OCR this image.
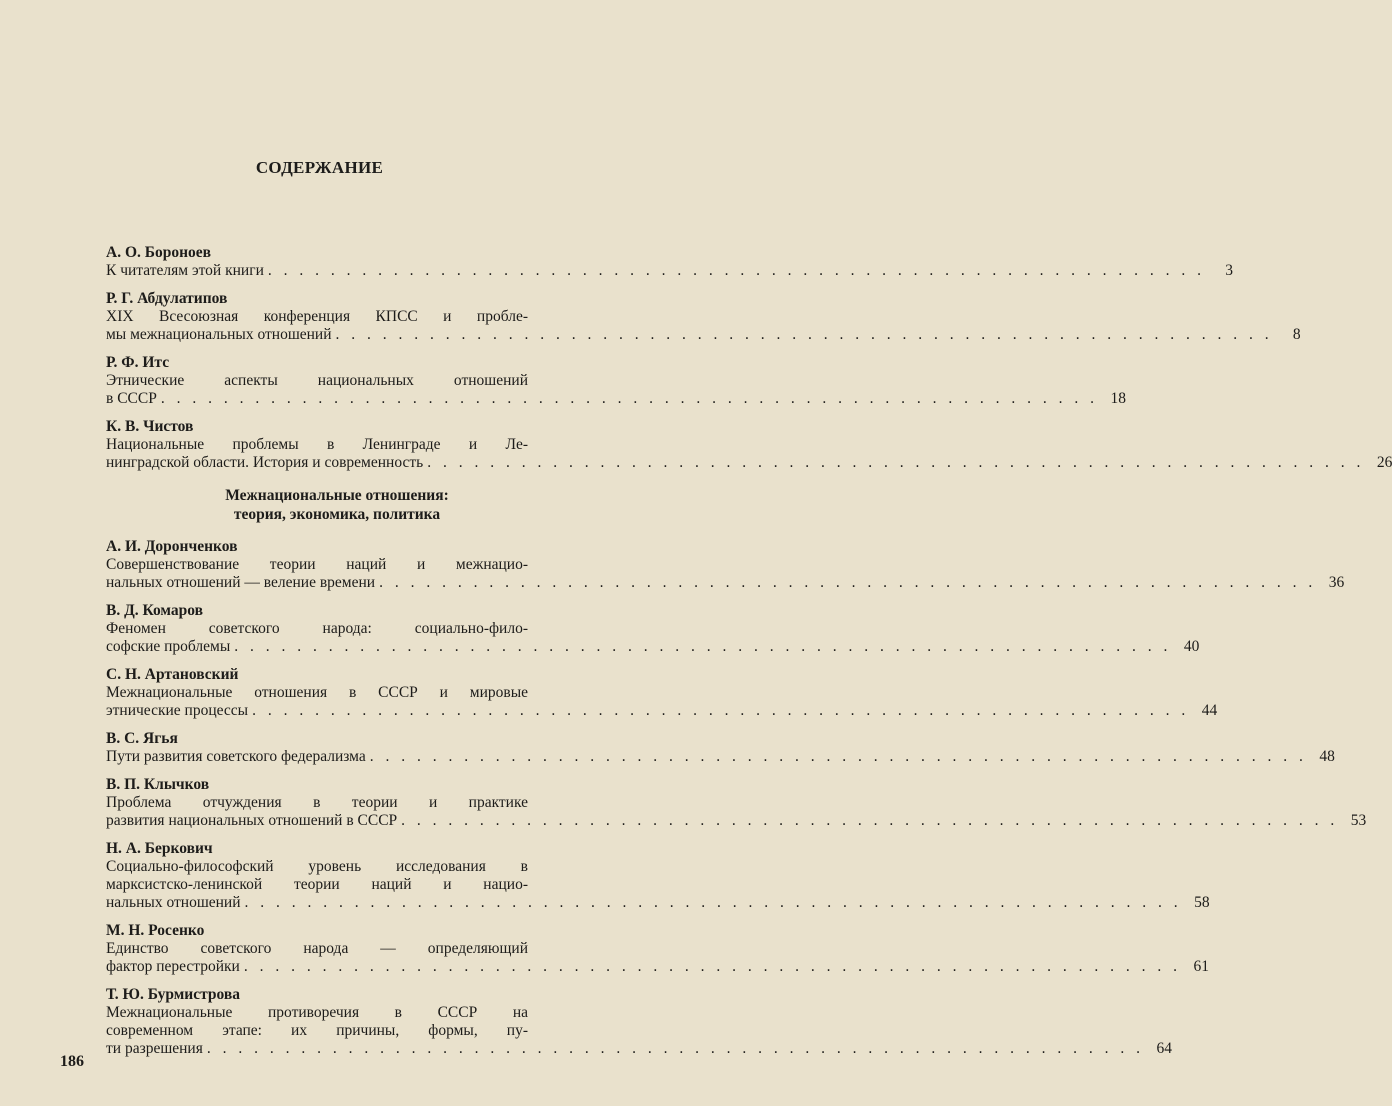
СОДЕРЖАНИЕ
А. О. Бороноев
К читателям этой книги . . . . . . . . . . . . . . . . . . . . . . . . . . . . . . . . . . . . . . . . . . . . . . . . . . . . . . . . . . . .	3
Р. Г. Абдулатипов
XIX Всесоюзная конференция КПСС и пробле-
мы межнациональных отношений . . . . . . . . . . . . . . . . . . . . . . . . . . . . . . . . . . . . . . . . . . . . . . . . . . . . . . . . . . . .	8
Р. Ф. Итс
Этнические аспекты национальных отношений
в СССР . . . . . . . . . . . . . . . . . . . . . . . . . . . . . . . . . . . . . . . . . . . . . . . . . . . . . . . . . . . . 18
К. В. Чистов
Национальные проблемы в Ленинграде и Ле-
нинградской области. История и современность . . . . . . . . . . . . . . . . . . . . . . . . . . . . . . . . . . . . . . . . . . . . . . . . . . . . . . . . . . . . 26
Межнациональные отношения:
теория, экономика, политика
А. И. Доронченков
Совершенствование теории наций и межнацио-
нальных отношений — веление времени . . . . . . . . . . . . . . . . . . . . . . . . . . . . . . . . . . . . . . . . . . . . . . . . . . . . . . . . . . . . 36
В. Д. Комаров
Феномен советского народа: социально-фило-
софские проблемы . . . . . . . . . . . . . . . . . . . . . . . . . . . . . . . . . . . . . . . . . . . . . . . . . . . . . . . . . . . . 40
С. Н. Артановский
Межнациональные отношения в СССР и мировые
этнические процессы . . . . . . . . . . . . . . . . . . . . . . . . . . . . . . . . . . . . . . . . . . . . . . . . . . . . . . . . . . . . 44
В. С. Ягья
Пути развития советского федерализма . . . . . . . . . . . . . . . . . . . . . . . . . . . . . . . . . . . . . . . . . . . . . . . . . . . . . . . . . . . . 48
В. П. Клычков
Проблема отчуждения в теории и практике
развития национальных отношений в СССР . . . . . . . . . . . . . . . . . . . . . . . . . . . . . . . . . . . . . . . . . . . . . . . . . . . . . . . . . . . . 53
Н. А. Беркович
Социально-философский уровень исследования в
марксистско-ленинской теории наций и нацио-
нальных отношений . . . . . . . . . . . . . . . . . . . . . . . . . . . . . . . . . . . . . . . . . . . . . . . . . . . . . . . . . . . . 58
М. Н. Росенко
Единство советского народа — определяющий
фактор перестройки . . . . . . . . . . . . . . . . . . . . . . . . . . . . . . . . . . . . . . . . . . . . . . . . . . . . . . . . . . . . 61
Т. Ю. Бурмистрова
Межнациональные противоречия в СССР на
современном этапе: их причины, формы, пу-
ти разрешения . . . . . . . . . . . . . . . . . . . . . . . . . . . . . . . . . . . . . . . . . . . . . . . . . . . . . . . . . . . . 64
186
